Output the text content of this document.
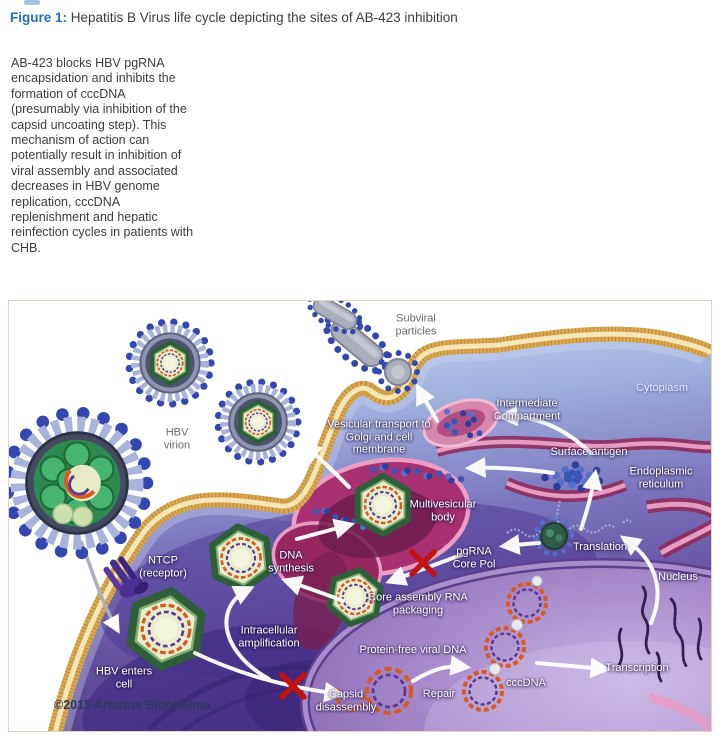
Figure 1: Hepatitis B Virus life cycle depicting the sites of AB-423 inhibition
AB-423 blocks HBV pgRNA encapsidation and inhibits the formation of cccDNA (presumably via inhibition of the capsid uncoating step). This mechanism of action can potentially result in inhibition of viral assembly and associated decreases in HBV genome replication, cccDNA replenishment and hepatic reinfection cycles in patients with CHB.
Subviral particles
HBV virion
Cytoplasm
Vesicular transport to Golgi and cell membrane
Intermediate Compartment
Surface antigen
Endoplasmic reticulum
Multivesicular body
NTCP (receptor)
DNA synthesis
pgRNA Core Pol
Translation
Nucleus
Core assembly RNA packaging
Intracellular amplification
Protein-free viral DNA
HBV enters cell
Repair
cccDNA
Transcription
Capsid disassembly
©2015 Arbutus Biopharma
